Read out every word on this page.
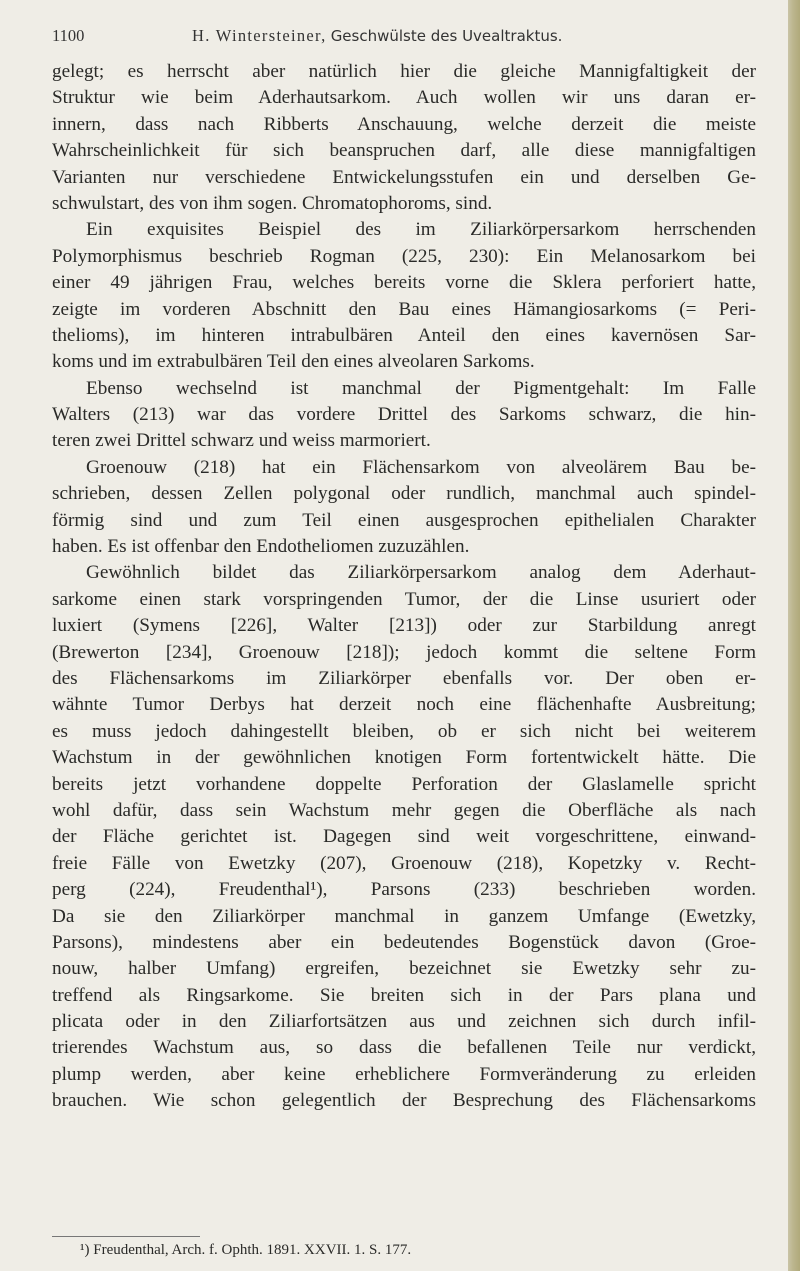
1100	H. Wintersteiner, Geschwülste des Uvealtraktus.
gelegt; es herrscht aber natürlich hier die gleiche Mannigfaltigkeit der
Struktur wie beim Aderhautsarkom. Auch wollen wir uns daran er-
innern, dass nach Ribberts Anschauung, welche derzeit die meiste
Wahrscheinlichkeit für sich beanspruchen darf, alle diese mannigfaltigen
Varianten nur verschiedene Entwickelungsstufen ein und derselben Ge-
schwulstart, des von ihm sogen. Chromatophoroms, sind.
Ein exquisites Beispiel des im Ziliarkörpersarkom herrschenden
Polymorphismus beschrieb Rogman (225, 230): Ein Melanosarkom bei
einer 49 jährigen Frau, welches bereits vorne die Sklera perforiert hatte,
zeigte im vorderen Abschnitt den Bau eines Hämangiosarkoms (= Peri-
thelioms), im hinteren intrabulbären Anteil den eines kavernösen Sar-
koms und im extrabulbären Teil den eines alveolaren Sarkoms.
Ebenso wechselnd ist manchmal der Pigmentgehalt: Im Falle
Walters (213) war das vordere Drittel des Sarkoms schwarz, die hin-
teren zwei Drittel schwarz und weiss marmoriert.
Groenouw (218) hat ein Flächensarkom von alveolärem Bau be-
schrieben, dessen Zellen polygonal oder rundlich, manchmal auch spindel-
förmig sind und zum Teil einen ausgesprochen epithelialen Charakter
haben. Es ist offenbar den Endotheliomen zuzuzählen.
Gewöhnlich bildet das Ziliarkörpersarkom analog dem Aderhaut-
sarkome einen stark vorspringenden Tumor, der die Linse usuriert oder
luxiert (Symens [226], Walter [213]) oder zur Starbildung anregt
(Brewerton [234], Groenouw [218]); jedoch kommt die seltene Form
des Flächensarkoms im Ziliarkörper ebenfalls vor. Der oben er-
wähnte Tumor Derbys hat derzeit noch eine flächenhafte Ausbreitung;
es muss jedoch dahingestellt bleiben, ob er sich nicht bei weiterem
Wachstum in der gewöhnlichen knotigen Form fortentwickelt hätte. Die
bereits jetzt vorhandene doppelte Perforation der Glaslamelle spricht
wohl dafür, dass sein Wachstum mehr gegen die Oberfläche als nach
der Fläche gerichtet ist. Dagegen sind weit vorgeschrittene, einwand-
freie Fälle von Ewetzky (207), Groenouw (218), Kopetzky v. Recht-
perg (224), Freudenthal¹), Parsons (233) beschrieben worden.
Da sie den Ziliarkörper manchmal in ganzem Umfange (Ewetzky,
Parsons), mindestens aber ein bedeutendes Bogenstück davon (Groe-
nouw, halber Umfang) ergreifen, bezeichnet sie Ewetzky sehr zu-
treffend als Ringsarkome. Sie breiten sich in der Pars plana und
plicata oder in den Ziliarfortsätzen aus und zeichnen sich durch infil-
trierendes Wachstum aus, so dass die befallenen Teile nur verdickt,
plump werden, aber keine erheblichere Formveränderung zu erleiden
brauchen. Wie schon gelegentlich der Besprechung des Flächensarkoms
¹) Freudenthal, Arch. f. Ophth. 1891. XXVII. 1. S. 177.
